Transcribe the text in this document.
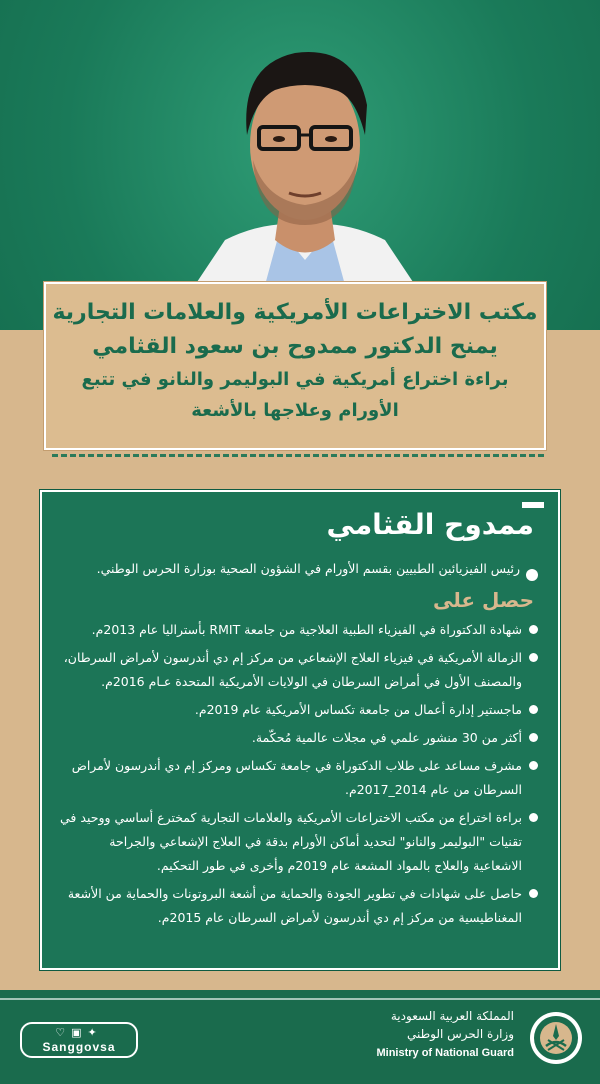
مكتب الاختراعات الأمريكية والعلامات التجارية
يمنح الدكتور ممدوح بن سعود القثامي
براءة اختراع أمريكية في البوليمر والنانو في تتبع
الأورام وعلاجها بالأشعة
ممدوح القثامي
رئيس الفيزيائين الطبيين بقسم الأورام في الشؤون الصحية بوزارة الحرس الوطني.
حصل على
شهادة الدكتوراة في الفيزياء الطبية العلاجية من جامعة RMIT بأستراليا عام 2013م.
الزمالة الأمريكية في فيزياء العلاج الإشعاعي من مركز إم دي أندرسون لأمراض السرطان، والمصنف الأول في أمراض السرطان في الولايات الأمريكية المتحدة عـام 2016م.
ماجستير إدارة أعمال من جامعة تكساس الأمريكية عام 2019م.
أكثر من 30 منشور علمي في مجلات عالمية مُحكّمة.
مشرف مساعد على طلاب الدكتوراة في جامعة تكساس ومركز إم دي أندرسون لأمراض السرطان من عام 2014_2017م.
براءة اختراع من مكتب الاختراعات الأمريكية والعلامات التجارية كمخترع أساسي ووحيد في تقنيات "البوليمر والنانو" لتحديد أماكن الأورام بدقة في العلاج الإشعاعي والجراحة الاشعاعية والعلاج بالمواد المشعة عام 2019م وأخرى في طور التحكيم.
حاصل على شهادات في تطوير الجودة والحماية من أشعة البروتونات والحماية من الأشعة المغناطيسية من مركز إم دي أندرسون لأمراض السرطان عام 2015م.
المملكة العربية السعودية
وزارة الحرس الوطني
Ministry of National Guard
♡▣✦
Sanggovsa
